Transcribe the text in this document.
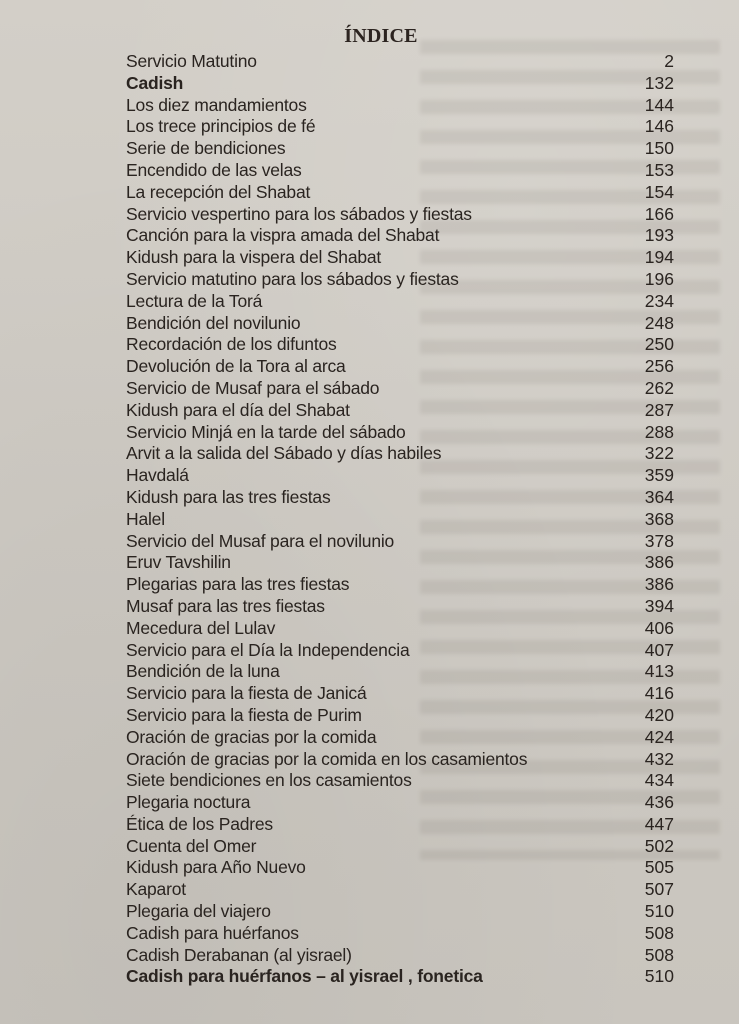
ÍNDICE
Servicio Matutino	2
Cadish	132
Los diez mandamientos	144
Los trece principios de fé	146
Serie de bendiciones	150
Encendido de las velas	153
La recepción del Shabat	154
Servicio vespertino para los sábados y fiestas	166
Canción para la vispra amada del Shabat	193
Kidush para la vispera del Shabat	194
Servicio matutino para los sábados y fiestas	196
Lectura de la Torá	234
Bendición del novilunio	248
Recordación de los difuntos	250
Devolución de la Tora al arca	256
Servicio de Musaf para el sábado	262
Kidush para el día del Shabat	287
Servicio Minjá en la tarde del sábado	288
Arvit a la salida del Sábado y días habiles	322
Havdalá	359
Kidush para las tres fiestas	364
Halel	368
Servicio del Musaf para el novilunio	378
Eruv Tavshilin	386
Plegarias para las tres fiestas	386
Musaf para las tres fiestas	394
Mecedura del Lulav	406
Servicio para el Día la Independencia	407
Bendición de la luna	413
Servicio para la fiesta de Janicá	416
Servicio para la fiesta de Purim	420
Oración de gracias por la comida	424
Oración de gracias por la comida en los casamientos	432
Siete bendiciones en los casamientos	434
Plegaria noctura	436
Ética de los Padres	447
Cuenta del Omer	502
Kidush para Año Nuevo	505
Kaparot	507
Plegaria del viajero	510
Cadish para huérfanos	508
Cadish Derabanan (al yisrael)	508
Cadish para huérfanos – al yisrael , fonetica	510
